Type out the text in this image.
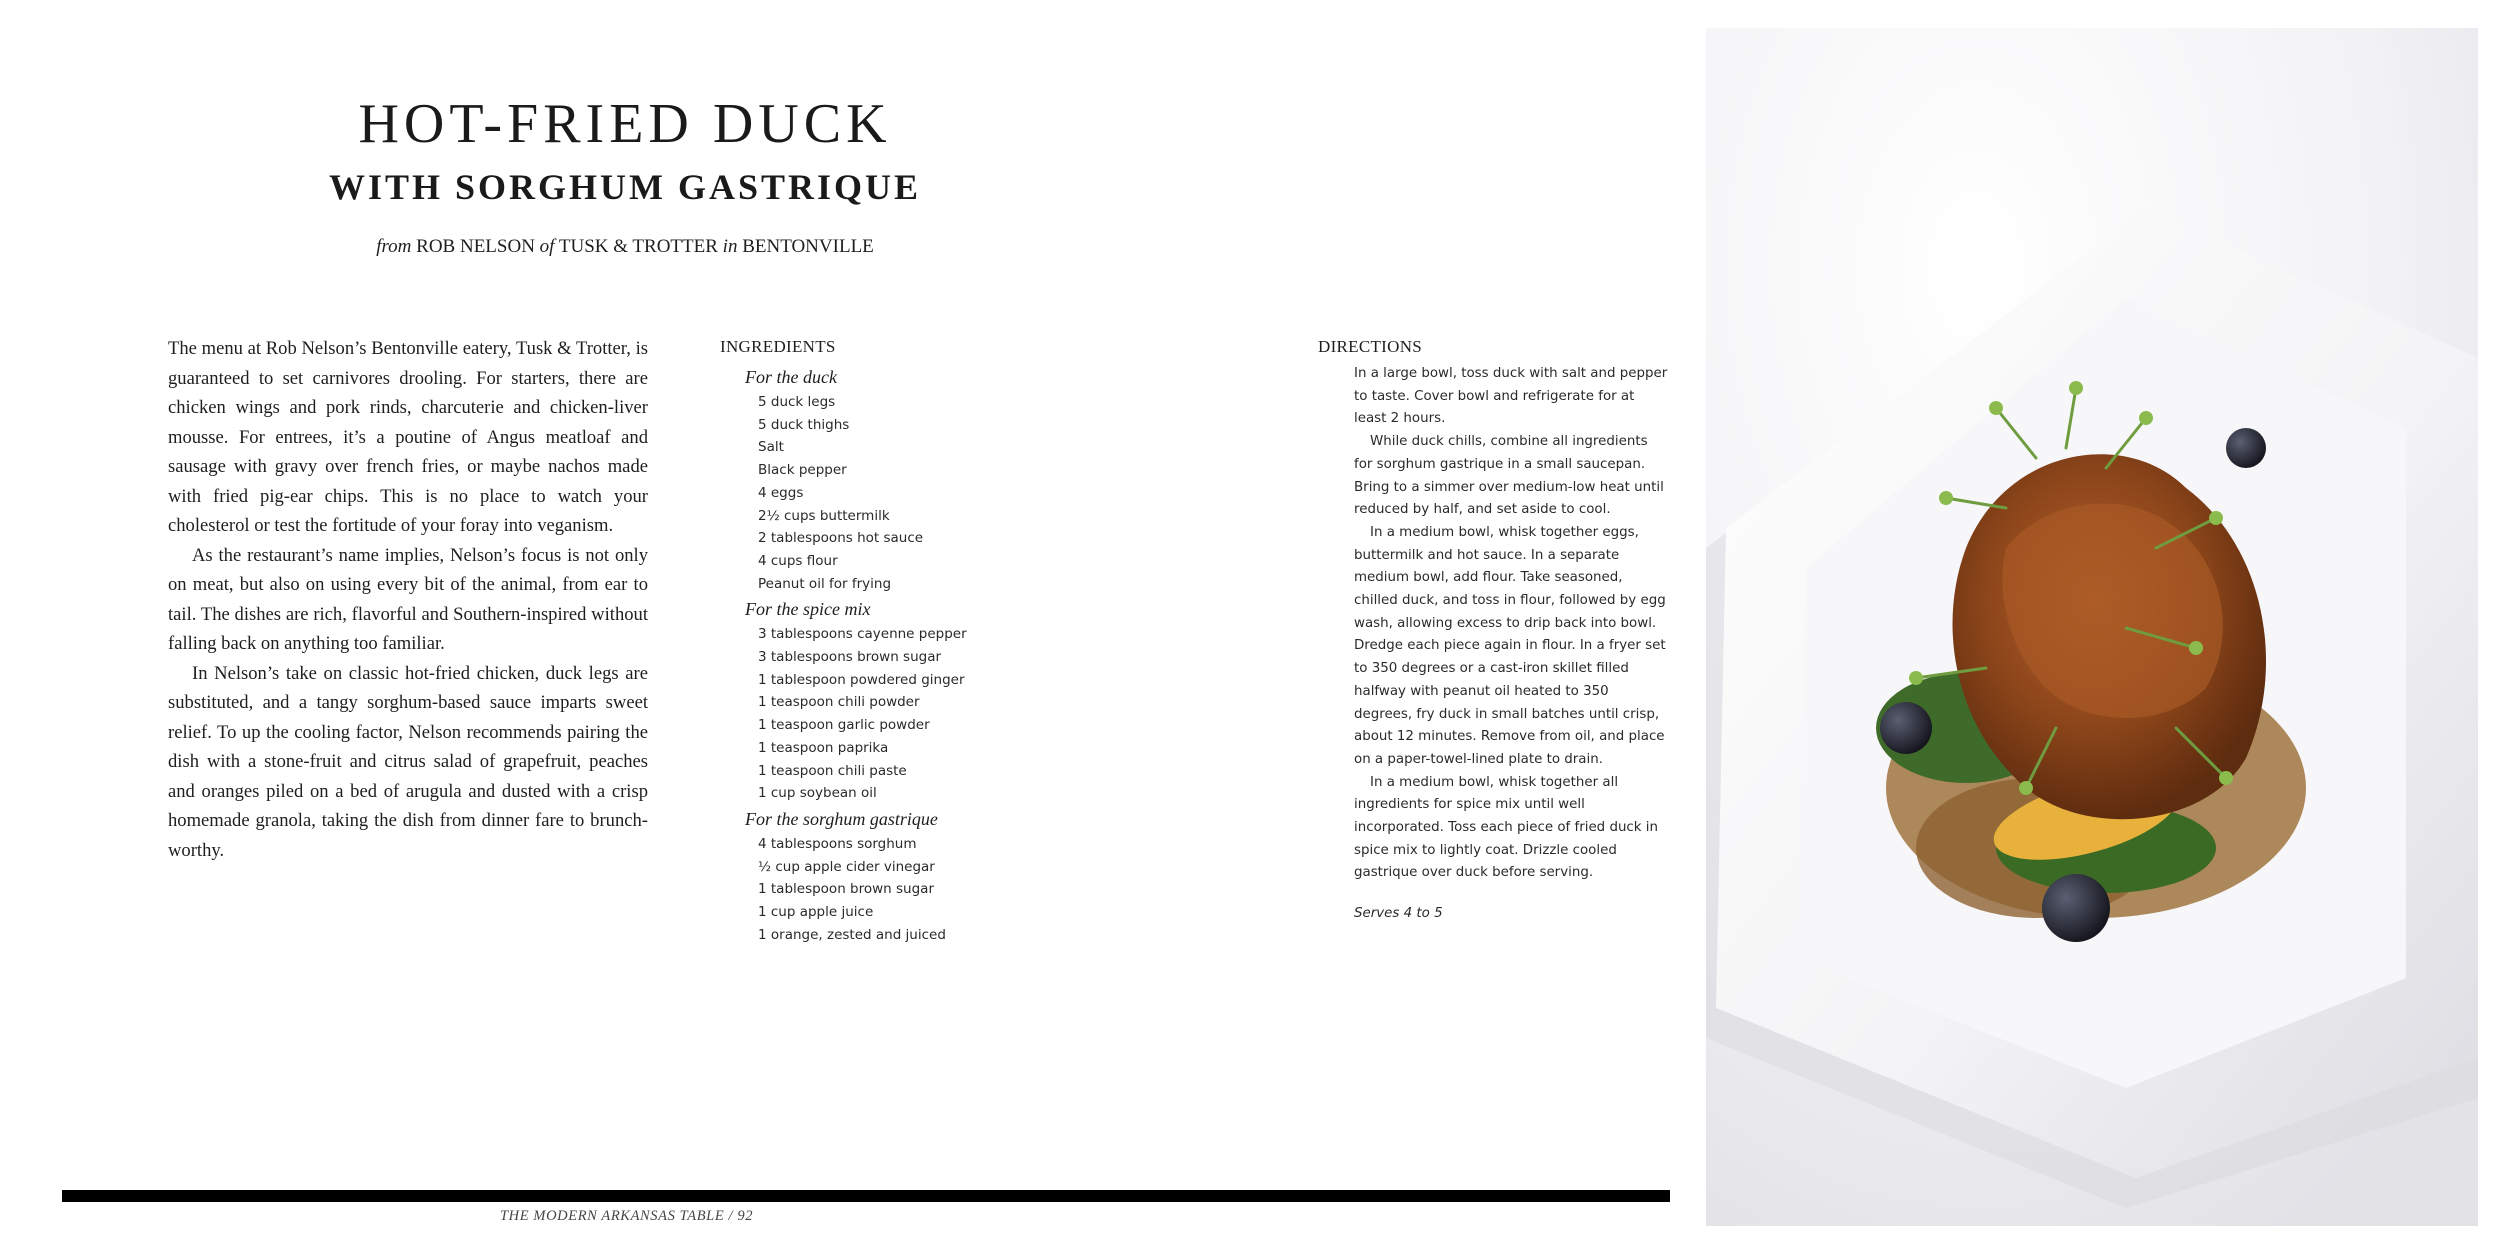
HOT-FRIED DUCK
WITH SORGHUM GASTRIQUE
from ROB NELSON of TUSK & TROTTER in BENTONVILLE

The menu at Rob Nelson’s Bentonville eatery, Tusk & Trotter, is guaranteed to set carnivores drooling. For starters, there are chicken wings and pork rinds, charcuterie and chicken-liver mousse. For entrees, it’s a poutine of Angus meatloaf and sausage with gravy over french fries, or maybe nachos made with fried pig-ear chips. This is no place to watch your cholesterol or test the fortitude of your foray into veganism.

As the restaurant’s name implies, Nelson’s focus is not only on meat, but also on using every bit of the animal, from ear to tail. The dishes are rich, flavorful and Southern-inspired without falling back on anything too familiar.

In Nelson’s take on classic hot-fried chicken, duck legs are substituted, and a tangy sorghum-based sauce imparts sweet relief. To up the cooling factor, Nelson recommends pairing the dish with a stone-fruit and citrus salad of grapefruit, peaches and oranges piled on a bed of arugula and dusted with a crisp homemade granola, taking the dish from dinner fare to brunch-worthy.

INGREDIENTS
For the duck
5 duck legs
5 duck thighs
Salt
Black pepper
4 eggs
2½ cups buttermilk
2 tablespoons hot sauce
4 cups flour
Peanut oil for frying
For the spice mix
3 tablespoons cayenne pepper
3 tablespoons brown sugar
1 tablespoon powdered ginger
1 teaspoon chili powder
1 teaspoon garlic powder
1 teaspoon paprika
1 teaspoon chili paste
1 cup soybean oil
For the sorghum gastrique
4 tablespoons sorghum
½ cup apple cider vinegar
1 tablespoon brown sugar
1 cup apple juice
1 orange, zested and juiced
DIRECTIONS

In a large bowl, toss duck with salt and pepper to taste. Cover bowl and refrigerate for at least 2 hours.

While duck chills, combine all ingredients for sorghum gastrique in a small saucepan. Bring to a simmer over medium-low heat until reduced by half, and set aside to cool.

In a medium bowl, whisk together eggs, buttermilk and hot sauce. In a separate medium bowl, add flour. Take seasoned, chilled duck, and toss in flour, followed by egg wash, allowing excess to drip back into bowl. Dredge each piece again in flour. In a fryer set to 350 degrees or a cast-iron skillet filled halfway with peanut oil heated to 350 degrees, fry duck in small batches until crisp, about 12 minutes. Remove from oil, and place on a paper-towel-lined plate to drain.

In a medium bowl, whisk together all ingredients for spice mix until well incorporated. Toss each piece of fried duck in spice mix to lightly coat. Drizzle cooled gastrique over duck before serving.

Serves 4 to 5

THE MODERN ARKANSAS TABLE / 92
